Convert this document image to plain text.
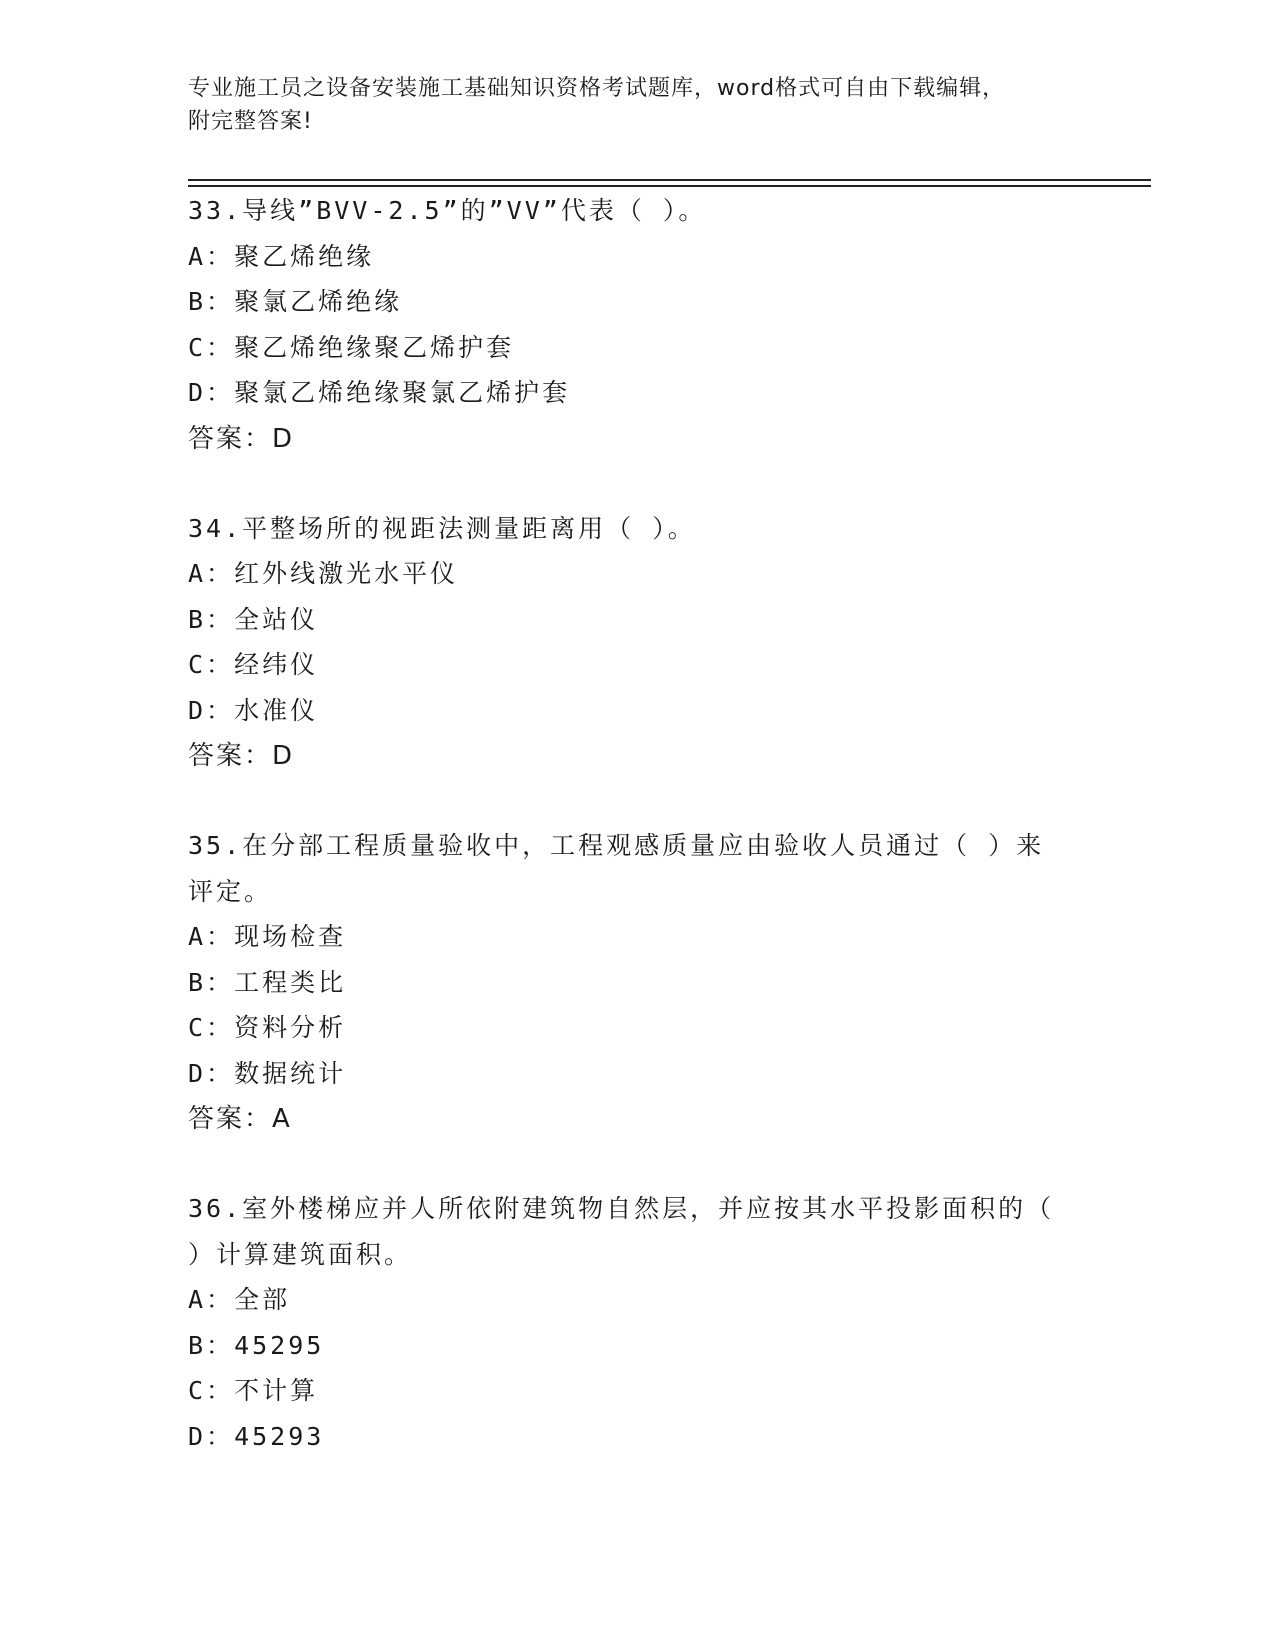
专业施工员之设备安装施工基础知识资格考试题库，word格式可自由下载编辑，
附完整答案!
33.导线”BVV-2.5”的”VV”代表（ ）。
A：聚乙烯绝缘
B：聚氯乙烯绝缘
C：聚乙烯绝缘聚乙烯护套
D：聚氯乙烯绝缘聚氯乙烯护套
答案：D
34.平整场所的视距法测量距离用（ ）。
A：红外线激光水平仪
B：全站仪
C：经纬仪
D：水准仪
答案：D
35.在分部工程质量验收中，工程观感质量应由验收人员通过（ ）来
评定。
A：现场检查
B：工程类比
C：资料分析
D：数据统计
答案：A
36.室外楼梯应并人所依附建筑物自然层，并应按其水平投影面积的（
）计算建筑面积。
A：全部
B：45295
C：不计算
D：45293
